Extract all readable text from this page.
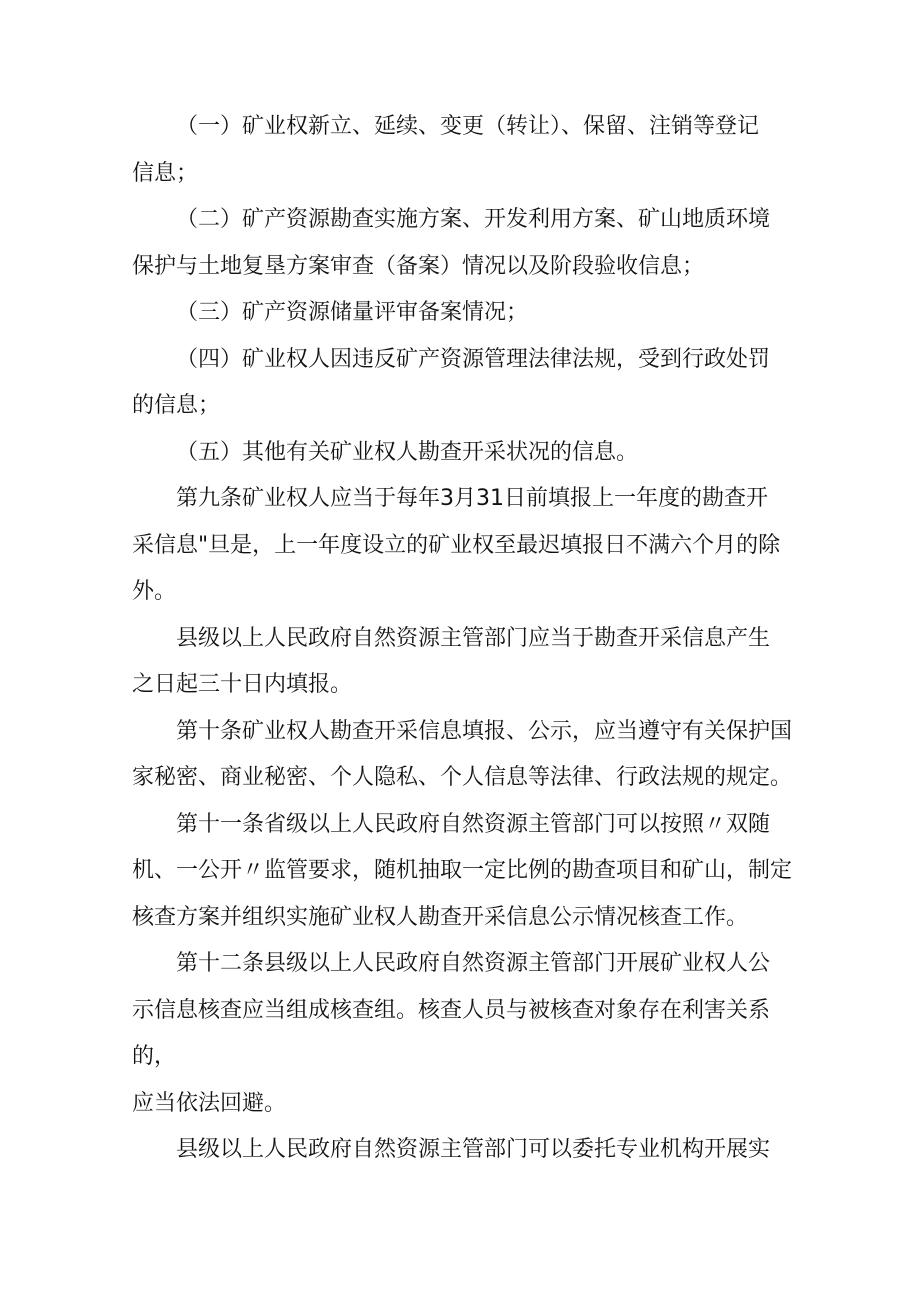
（一）矿业权新立、延续、变更（转让）、保留、注销等登记
信息；
（二）矿产资源勘查实施方案、开发利用方案、矿山地质环境
保护与土地复垦方案审查（备案）情况以及阶段验收信息；
（三）矿产资源储量评审备案情况；
（四）矿业权人因违反矿产资源管理法律法规，受到行政处罚
的信息；
（五）其他有关矿业权人勘查开采状况的信息。
第九条矿业权人应当于每年3月31日前填报上一年度的勘查开
采信息"旦是，上一年度设立的矿业权至最迟填报日不满六个月的除
外。
县级以上人民政府自然资源主管部门应当于勘查开采信息产生
之日起三十日内填报。
第十条矿业权人勘查开采信息填报、公示，应当遵守有关保护国
家秘密、商业秘密、个人隐私、个人信息等法律、行政法规的规定。
第十一条省级以上人民政府自然资源主管部门可以按照〃双随
机、一公开〃监管要求，随机抽取一定比例的勘查项目和矿山，制定
核查方案并组织实施矿业权人勘查开采信息公示情况核查工作。
第十二条县级以上人民政府自然资源主管部门开展矿业权人公
示信息核查应当组成核查组。核查人员与被核查对象存在利害关系的，
应当依法回避。
县级以上人民政府自然资源主管部门可以委托专业机构开展实
